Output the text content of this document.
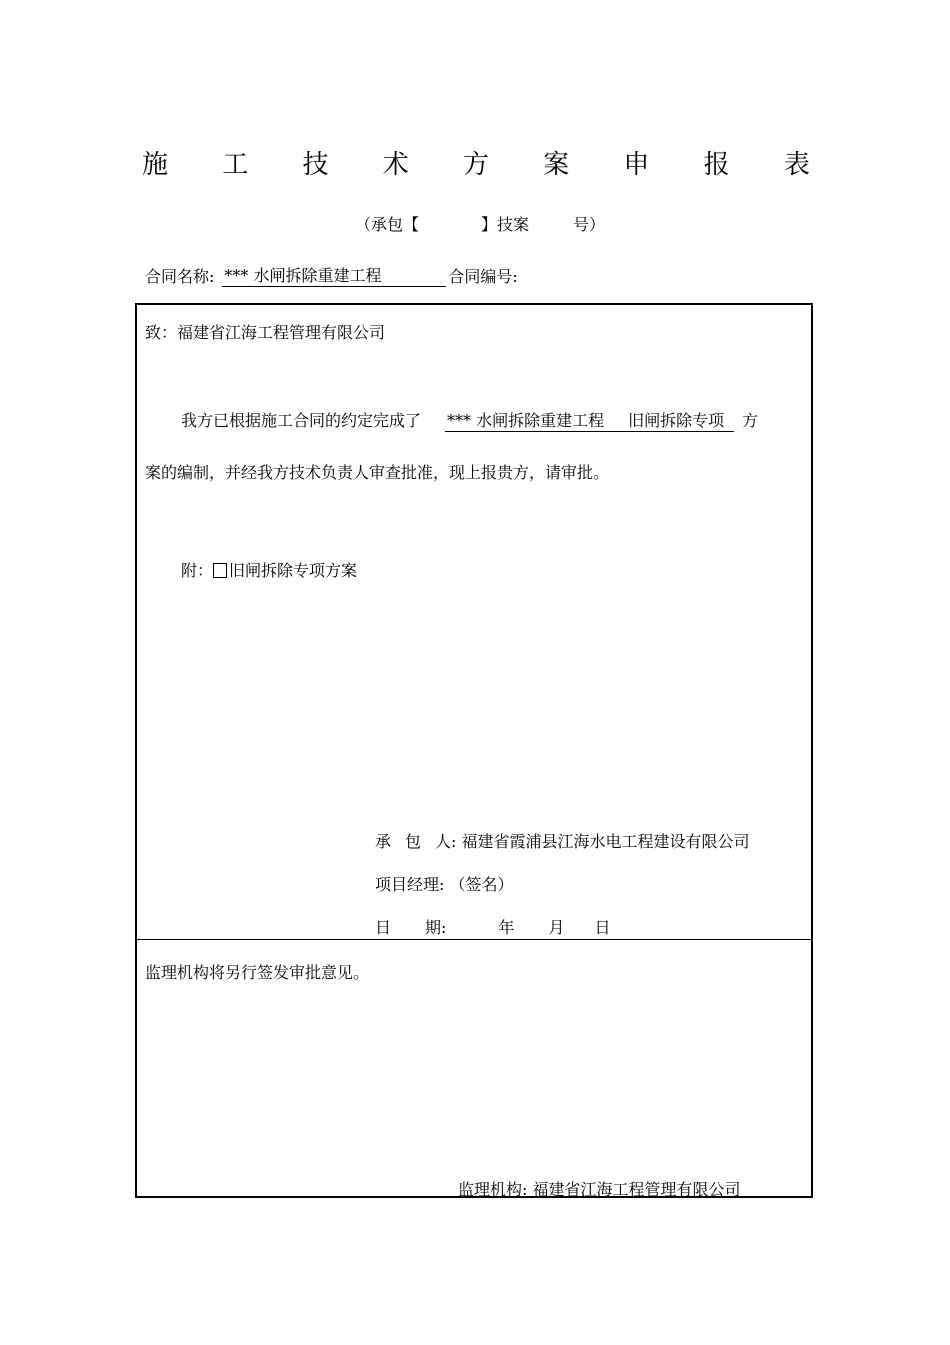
施 工 技 术 方 案 申 报 表
（承包【	】技案	号）
合同名称: *** 水闸拆除重建工程	合同编号:
致：福建省江海工程管理有限公司
我方已根据施工合同的约定完成了 *** 水闸拆除重建工程 旧闸拆除专项 方
案的编制，并经我方技术负责人审查批准，现上报贵方，请审批。
附： 旧闸拆除专项方案
承 包 人: 福建省霞浦县江海水电工程建设有限公司
项目经理: （签名）
日 期:	年 月 日
监理机构将另行签发审批意见。
监理机构: 福建省江海工程管理有限公司
